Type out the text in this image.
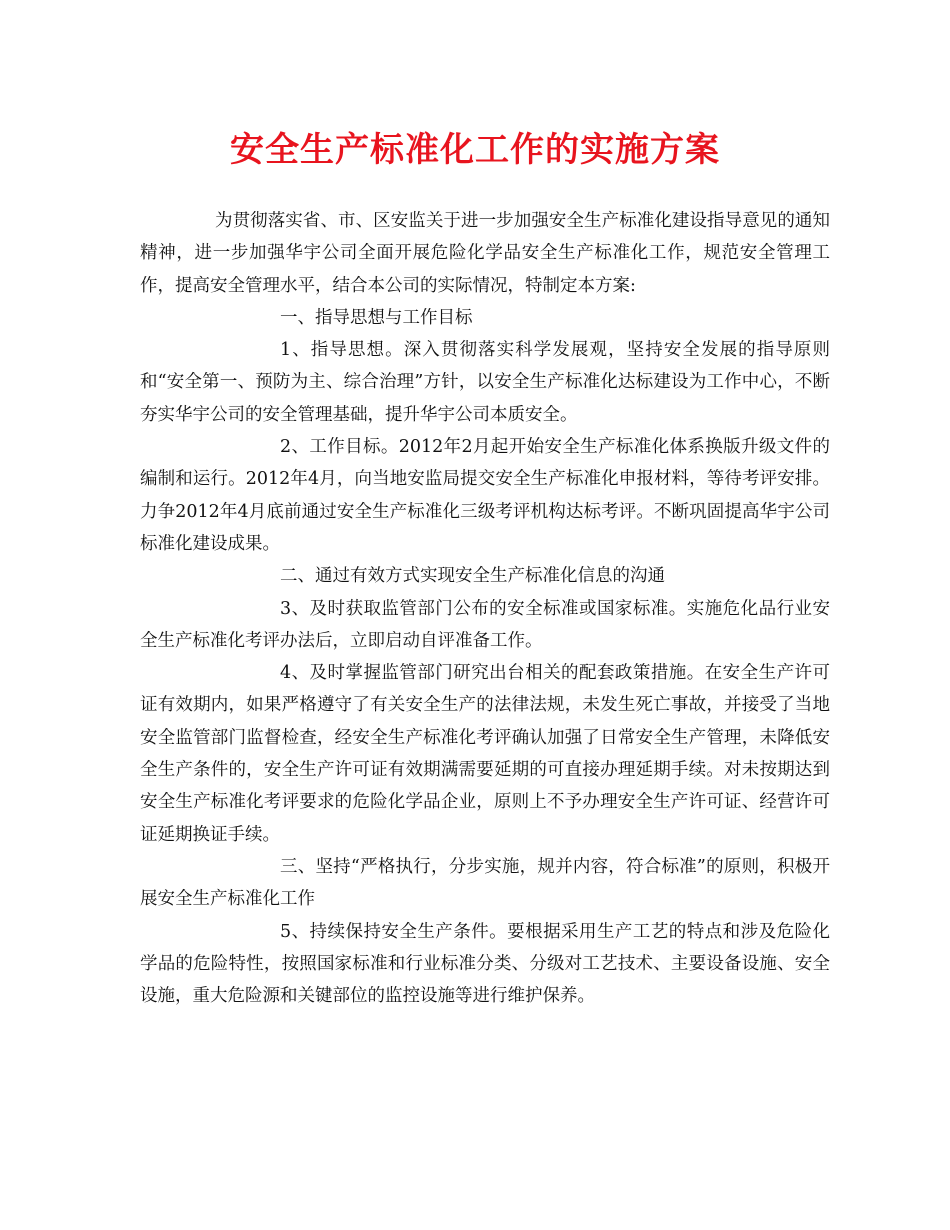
安全生产标准化工作的实施方案

为贯彻落实省、市、区安监关于进一步加强安全生产标准化建设指导意见的通知精神，进一步加强华宇公司全面开展危险化学品安全生产标准化工作，规范安全管理工作，提高安全管理水平，结合本公司的实际情况，特制定本方案:

一、指导思想与工作目标

1、指导思想。深入贯彻落实科学发展观，坚持安全发展的指导原则和“安全第一、预防为主、综合治理”方针，以安全生产标准化达标建设为工作中心，不断夯实华宇公司的安全管理基础，提升华宇公司本质安全。

2、工作目标。2012年2月起开始安全生产标准化体系换版升级文件的编制和运行。2012年4月，向当地安监局提交安全生产标准化申报材料，等待考评安排。力争2012年4月底前通过安全生产标准化三级考评机构达标考评。不断巩固提高华宇公司标准化建设成果。

二、通过有效方式实现安全生产标准化信息的沟通

3、及时获取监管部门公布的安全标准或国家标准。实施危化品行业安全生产标准化考评办法后，立即启动自评准备工作。

4、及时掌握监管部门研究出台相关的配套政策措施。在安全生产许可证有效期内，如果严格遵守了有关安全生产的法律法规，未发生死亡事故，并接受了当地安全监管部门监督检查，经安全生产标准化考评确认加强了日常安全生产管理，未降低安全生产条件的，安全生产许可证有效期满需要延期的可直接办理延期手续。对未按期达到安全生产标准化考评要求的危险化学品企业，原则上不予办理安全生产许可证、经营许可证延期换证手续。

三、坚持“严格执行，分步实施，规并内容，符合标准”的原则，积极开展安全生产标准化工作

5、持续保持安全生产条件。要根据采用生产工艺的特点和涉及危险化学品的危险特性，按照国家标准和行业标准分类、分级对工艺技术、主要设备设施、安全设施，重大危险源和关键部位的监控设施等进行维护保养。
